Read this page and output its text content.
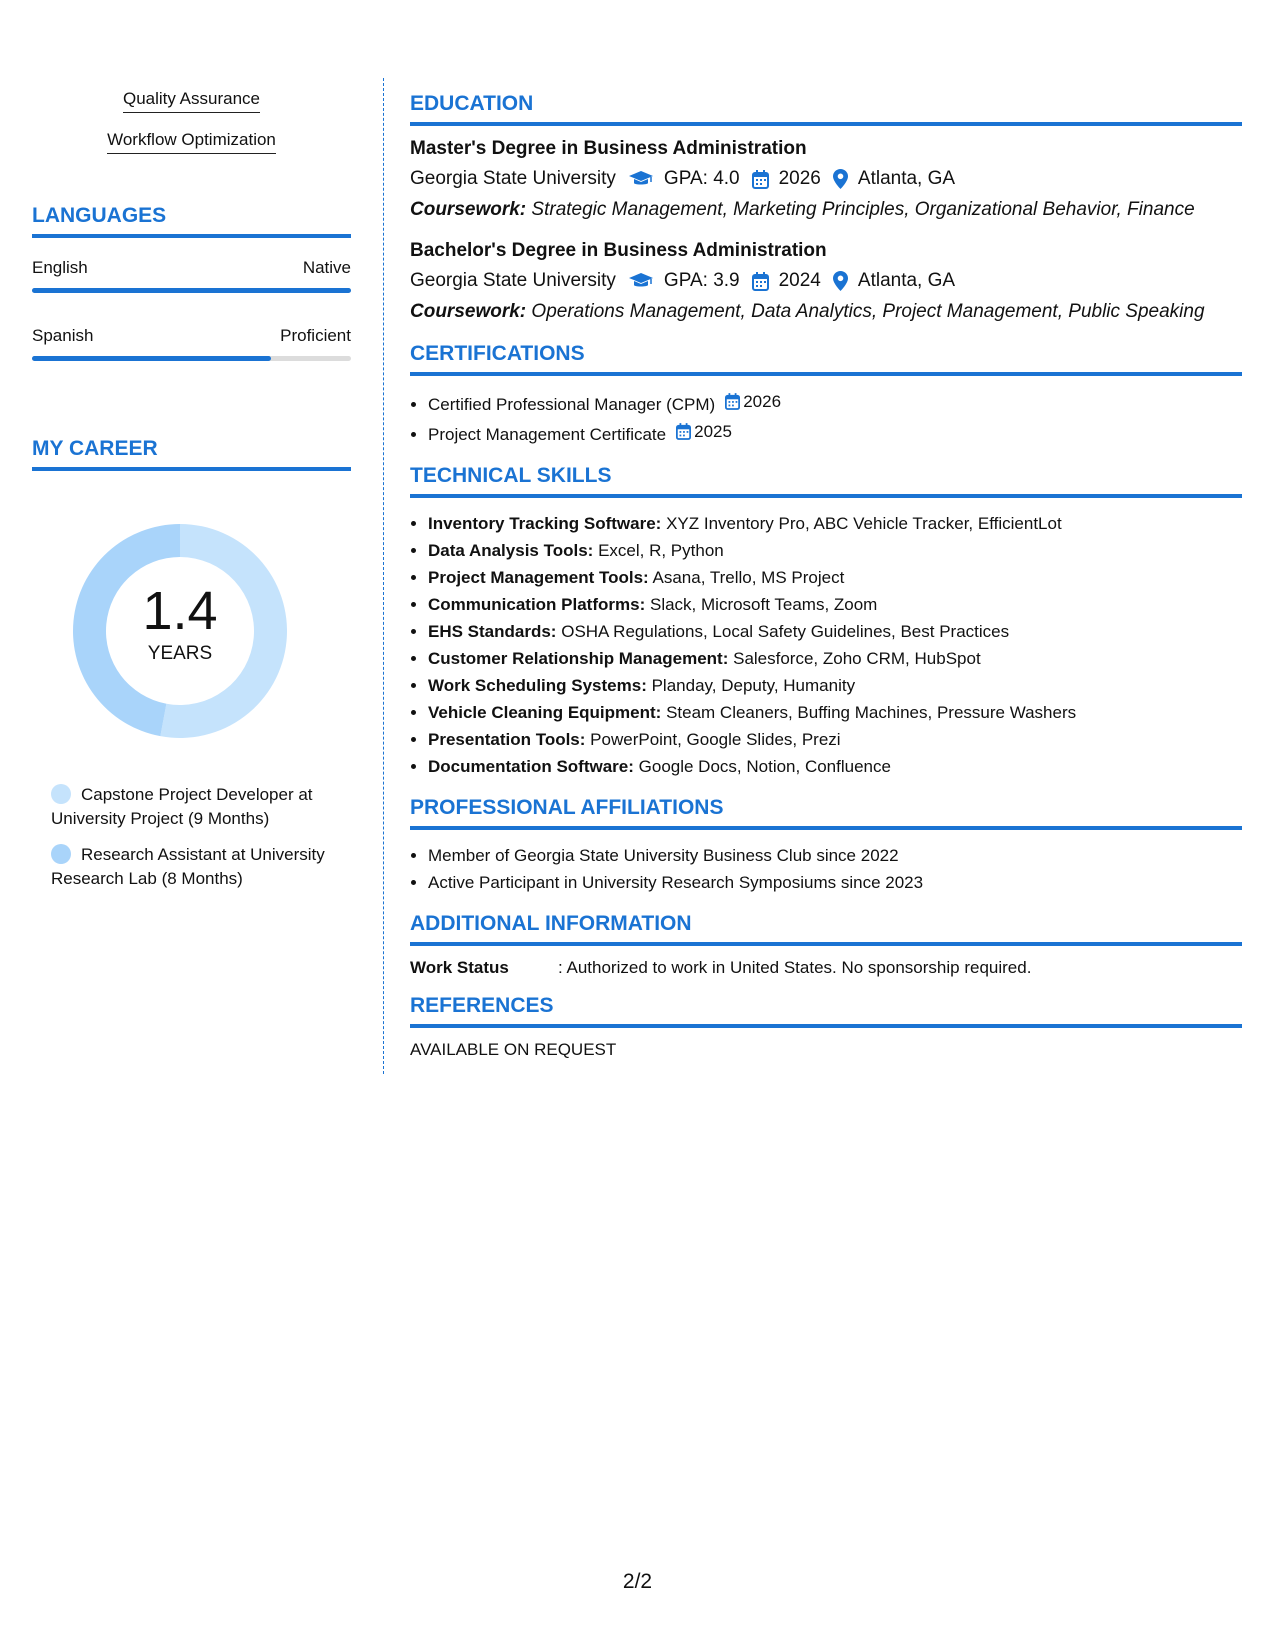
Quality Assurance
Workflow Optimization
LANGUAGES
English	Native
Spanish	Proficient
MY CAREER
1.4
YEARS
Capstone Project Developer at University Project (9 Months)
Research Assistant at University Research Lab (8 Months)
EDUCATION
Master's Degree in Business Administration
Georgia State University	GPA: 4.0 2026 Atlanta, GA
Coursework: Strategic Management, Marketing Principles, Organizational Behavior, Finance
Bachelor's Degree in Business Administration
Georgia State University	GPA: 3.9 2024 Atlanta, GA
Coursework: Operations Management, Data Analytics, Project Management, Public Speaking
CERTIFICATIONS
• Certified Professional Manager (CPM) 2026
• Project Management Certificate 2025
TECHNICAL SKILLS
• Inventory Tracking Software: XYZ Inventory Pro, ABC Vehicle Tracker, EfficientLot
• Data Analysis Tools: Excel, R, Python
• Project Management Tools: Asana, Trello, MS Project
• Communication Platforms: Slack, Microsoft Teams, Zoom
• EHS Standards: OSHA Regulations, Local Safety Guidelines, Best Practices
• Customer Relationship Management: Salesforce, Zoho CRM, HubSpot
• Work Scheduling Systems: Planday, Deputy, Humanity
• Vehicle Cleaning Equipment: Steam Cleaners, Buffing Machines, Pressure Washers
• Presentation Tools: PowerPoint, Google Slides, Prezi
• Documentation Software: Google Docs, Notion, Confluence
PROFESSIONAL AFFILIATIONS
• Member of Georgia State University Business Club since 2022
• Active Participant in University Research Symposiums since 2023
ADDITIONAL INFORMATION
Work Status	: Authorized to work in United States. No sponsorship required.
REFERENCES
AVAILABLE ON REQUEST
2/2
